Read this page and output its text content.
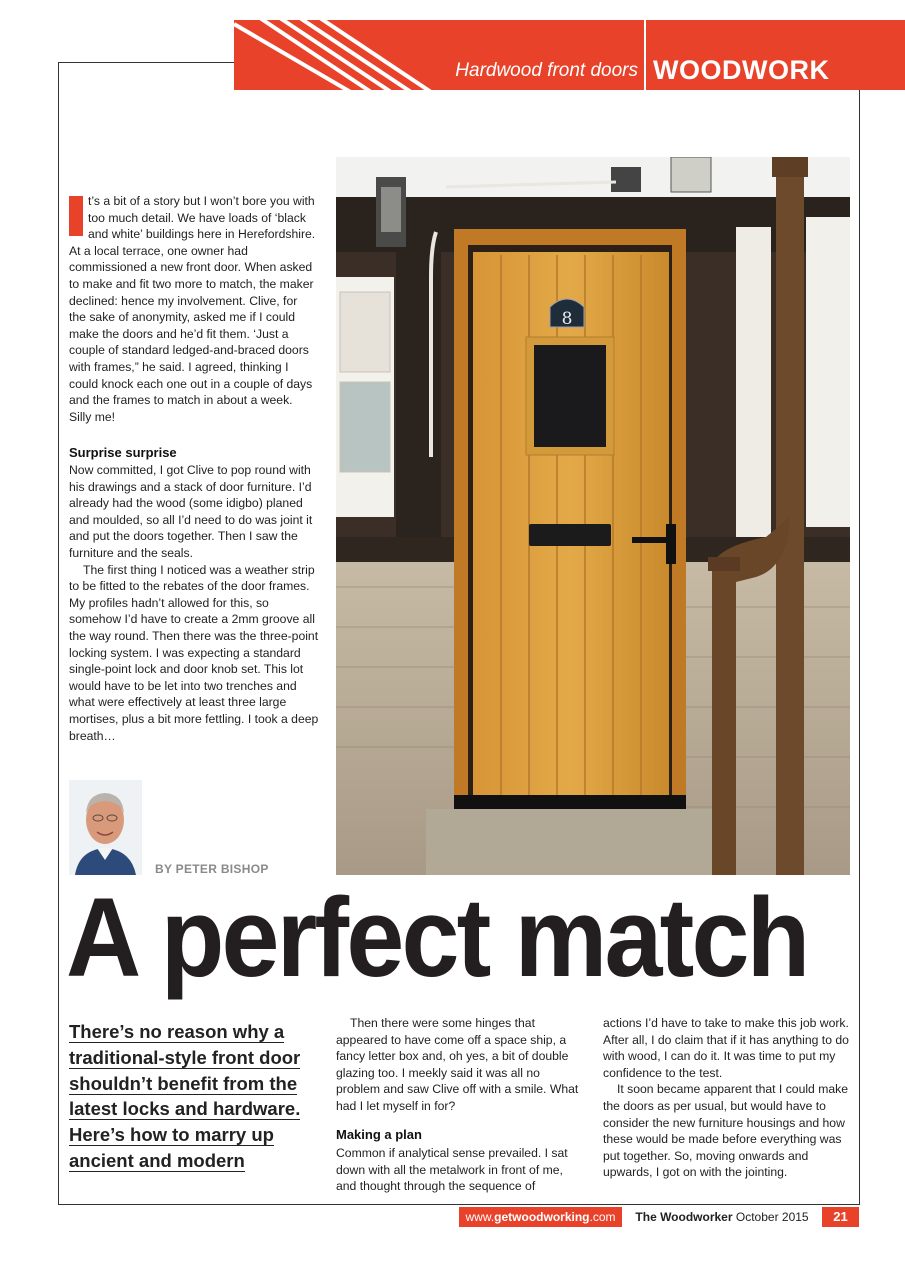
Hardwood front doors WOODWORK

t’s a bit of a story but I won’t bore you with too much detail. We have loads of ‘black and white’ buildings here in Herefordshire. At a local terrace, one owner had commissioned a new front door. When asked to make and fit two more to match, the maker declined: hence my involvement. Clive, for the sake of anonymity, asked me if I could make the doors and he’d fit them. ‘Just a couple of standard ledged-and-braced doors with frames,” he said. I agreed, thinking I could knock each one out in a couple of days and the frames to match in about a week. Silly me!

Surprise surprise

Now committed, I got Clive to pop round with his drawings and a stack of door furniture. I’d already had the wood (some idigbo) planed and moulded, so all I’d need to do was joint it and put the doors together. Then I saw the furniture and the seals.

The first thing I noticed was a weather strip to be fitted to the rebates of the door frames. My profiles hadn’t allowed for this, so somehow I’d have to create a 2mm groove all the way round. Then there was the three-point locking system. I was expecting a standard single-point lock and door knob set. This lot would have to be let into two trenches and what were effectively at least three large mortises, plus a bit more fettling. I took a deep breath…

BY PETER BISHOP
8
A perfect match
There’s no reason why a traditional-style front door shouldn’t benefit from the latest locks and hardware. Here’s how to marry up ancient and modern

Then there were some hinges that appeared to have come off a space ship, a fancy letter box and, oh yes, a bit of double glazing too. I meekly said it was all no problem and saw Clive off with a smile. What had I let myself in for?

Making a plan

Common if analytical sense prevailed. I sat down with all the metalwork in front of me, and thought through the sequence of

actions I’d have to take to make this job work. After all, I do claim that if it has anything to do with wood, I can do it. It was time to put my confidence to the test.

It soon became apparent that I could make the doors as per usual, but would have to consider the new furniture housings and how these would be made before everything was put together. So, moving onwards and upwards, I got on with the jointing.

www.getwoodworking.com	The Woodworker October 2015	21
